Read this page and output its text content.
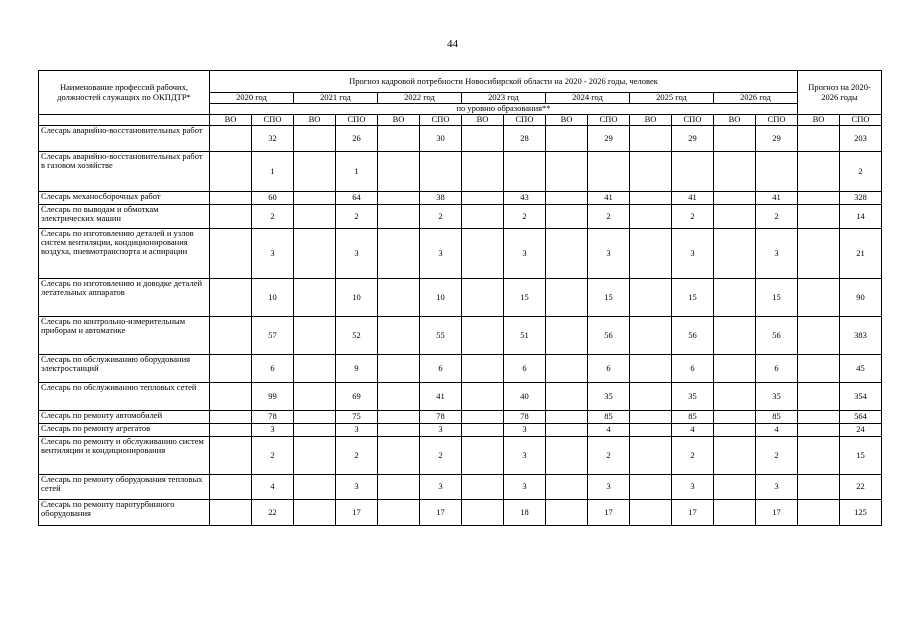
44
Наименование профессий рабочих, должностей служащих по ОКПДТР*	Прогноз кадровой потребности Новосибирской области на 2020 - 2026 годы, человек														Прогноз на 2020-2026 годы	
	2020 год		2021 год		2022 год		2023 год		2024 год		2025 год		2026 год			
	по уровню образования**															
	ВО	СПО	ВО	СПО	ВО	СПО	ВО	СПО	ВО	СПО	ВО	СПО	ВО	СПО	ВО	СПО
Слесарь аварийно-восстановительных работ		32		26		30		28		29		29		29		203
Слесарь аварийно-восстановительных работ в газовом хозяйстве		1		1												2
Слесарь механосборочных работ		60		64		38		43		41		41		41		328
Слесарь по выводам и обмоткам электрических машин		2		2		2		2		2		2		2		14
Слесарь по изготовлению деталей и узлов систем вентиляции, кондиционирования воздуха, пневмотранспорта и аспирации		3		3		3		3		3		3		3		21
Слесарь по изготовлению и доводке деталей летательных аппаратов		10		10		10		15		15		15		15		90
Слесарь по контрольно-измерительным приборам и автоматике		57		52		55		51		56		56		56		383
Слесарь по обслуживанию оборудования электростанций		6		9		6		6		6		6		6		45
Слесарь по обслуживанию тепловых сетей		99		69		41		40		35		35		35		354
Слесарь по ремонту автомобилей		78		75		78		78		85		85		85		564
Слесарь по ремонту агрегатов		3		3		3		3		4		4		4		24
Слесарь по ремонту и обслуживанию систем вентиляции и кондиционирования		2		2		2		3		2		2		2		15
Слесарь по ремонту оборудования тепловых сетей		4		3		3		3		3		3		3		22
Слесарь по ремонту паротурбинного оборудования		22		17		17		18		17		17		17		125
